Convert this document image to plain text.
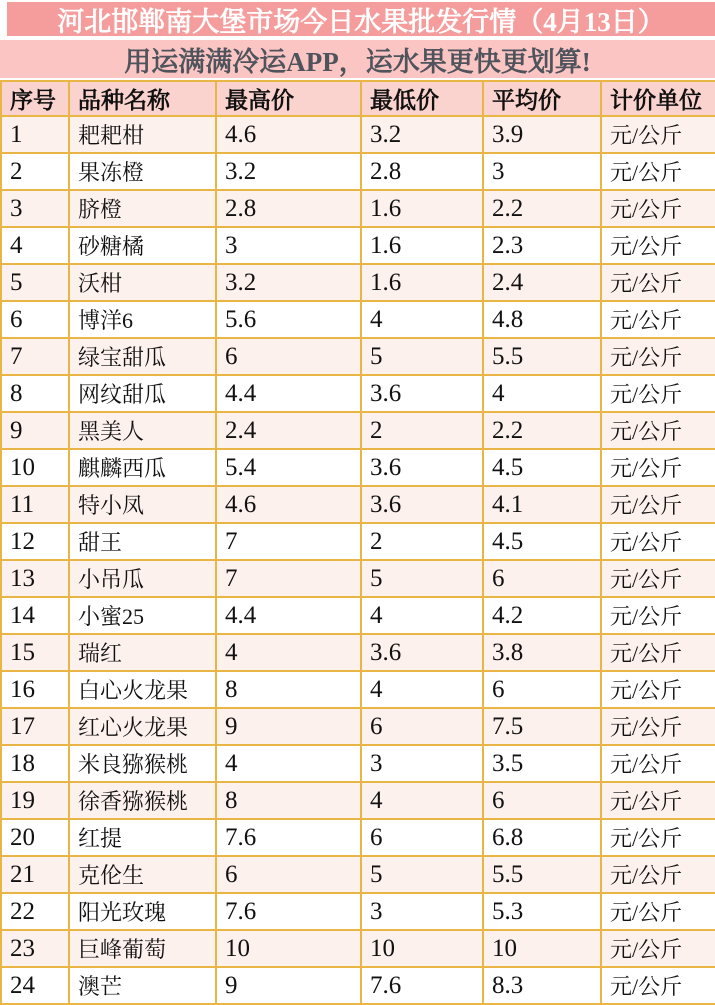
河北邯郸南大堡市场今日水果批发行情（4月13日）
用运满满冷运APP，运水果更快更划算!
序号	品种名称	最高价	最低价	平均价	计价单位
1	耙耙柑	4.6	3.2	3.9	元/公斤
2	果冻橙	3.2	2.8	3	元/公斤
3	脐橙	2.8	1.6	2.2	元/公斤
4	砂糖橘	3	1.6	2.3	元/公斤
5	沃柑	3.2	1.6	2.4	元/公斤
6	博洋6	5.6	4	4.8	元/公斤
7	绿宝甜瓜	6	5	5.5	元/公斤
8	网纹甜瓜	4.4	3.6	4	元/公斤
9	黑美人	2.4	2	2.2	元/公斤
10	麒麟西瓜	5.4	3.6	4.5	元/公斤
11	特小凤	4.6	3.6	4.1	元/公斤
12	甜王	7	2	4.5	元/公斤
13	小吊瓜	7	5	6	元/公斤
14	小蜜25	4.4	4	4.2	元/公斤
15	瑞红	4	3.6	3.8	元/公斤
16	白心火龙果	8	4	6	元/公斤
17	红心火龙果	9	6	7.5	元/公斤
18	米良猕猴桃	4	3	3.5	元/公斤
19	徐香猕猴桃	8	4	6	元/公斤
20	红提	7.6	6	6.8	元/公斤
21	克伦生	6	5	5.5	元/公斤
22	阳光玫瑰	7.6	3	5.3	元/公斤
23	巨峰葡萄	10	10	10	元/公斤
24	澳芒	9	7.6	8.3	元/公斤
